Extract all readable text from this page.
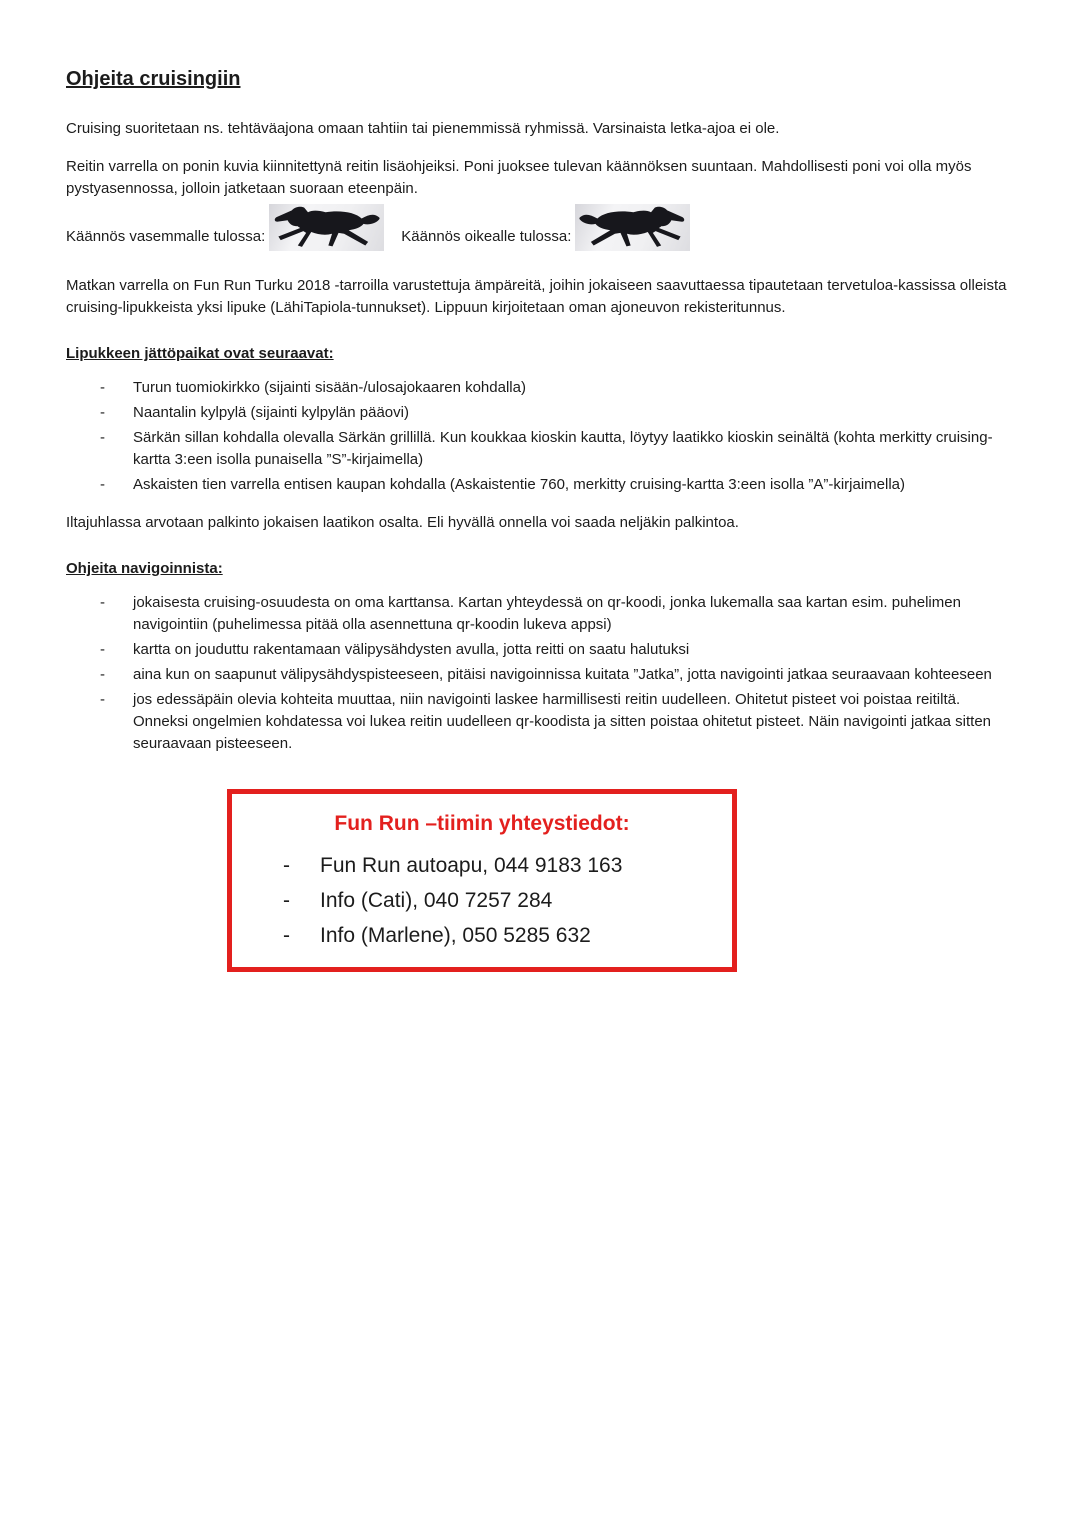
Ohjeita cruisingiin

Cruising suoritetaan ns. tehtäväajona omaan tahtiin tai pienemmissä ryhmissä. Varsinaista letka-ajoa ei ole.

Reitin varrella on ponin kuvia kiinnitettynä reitin lisäohjeiksi. Poni juoksee tulevan käännöksen suuntaan. Mahdollisesti poni voi olla myös pystyasennossa, jolloin jatketaan suoraan eteenpäin.

Käännös vasemmalle tulossa:	Käännös oikealle tulossa:

Matkan varrella on Fun Run Turku 2018 -tarroilla varustettuja ämpäreitä, joihin jokaiseen saavuttaessa tipautetaan tervetuloa-kassissa olleista cruising-lipukkeista yksi lipuke (LähiTapiola-tunnukset). Lippuun kirjoitetaan oman ajoneuvon rekisteritunnus.

Lipukkeen jättöpaikat ovat seuraavat:
-	Turun tuomiokirkko (sijainti sisään-/ulosajokaaren kohdalla)
-	Naantalin kylpylä (sijainti kylpylän pääovi)
-	Särkän sillan kohdalla olevalla Särkän grillillä. Kun koukkaa kioskin kautta, löytyy laatikko kioskin seinältä (kohta merkitty cruising-kartta 3:een isolla punaisella ”S”-kirjaimella)
-	Askaisten tien varrella entisen kaupan kohdalla (Askaistentie 760, merkitty cruising-kartta 3:een isolla ”A”-kirjaimella)

Iltajuhlassa arvotaan palkinto jokaisen laatikon osalta. Eli hyvällä onnella voi saada neljäkin palkintoa.

Ohjeita navigoinnista:
-	jokaisesta cruising-osuudesta on oma karttansa. Kartan yhteydessä on qr-koodi, jonka lukemalla saa kartan esim. puhelimen navigointiin (puhelimessa pitää olla asennettuna qr-koodin lukeva appsi)
-	kartta on jouduttu rakentamaan välipysähdysten avulla, jotta reitti on saatu halutuksi
-	aina kun on saapunut välipysähdyspisteeseen, pitäisi navigoinnissa kuitata ”Jatka”, jotta navigointi jatkaa seuraavaan kohteeseen
-	jos edessäpäin olevia kohteita muuttaa, niin navigointi laskee harmillisesti reitin uudelleen. Ohitetut pisteet voi poistaa reitiltä. Onneksi ongelmien kohdatessa voi lukea reitin uudelleen qr-koodista ja sitten poistaa ohitetut pisteet. Näin navigointi jatkaa sitten seuraavaan pisteeseen.
Fun Run –tiimin yhteystiedot:
-	Fun Run autoapu, 044 9183 163
-	Info (Cati), 040 7257 284
-	Info (Marlene), 050 5285 632
